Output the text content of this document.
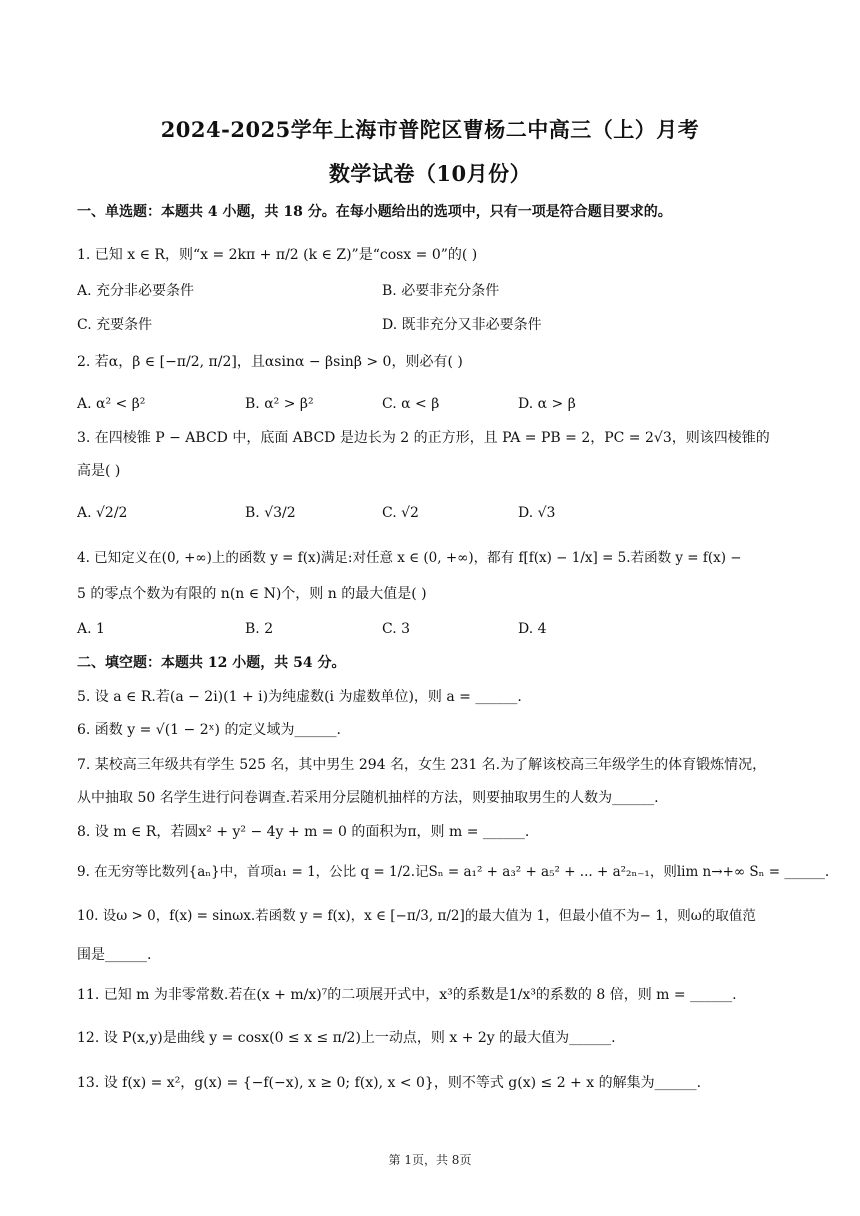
2024-2025学年上海市普陀区曹杨二中高三（上）月考
数学试卷（10月份）
一、单选题：本题共 4 小题，共 18 分。在每小题给出的选项中，只有一项是符合题目要求的。
1. 已知 x ∈ R，则“x = 2kπ + π/2 (k ∈ Z)”是“cosx = 0”的( )
A. 充分非必要条件	B. 必要非充分条件
C. 充要条件	D. 既非充分又非必要条件
2. 若α，β ∈ [−π/2, π/2]，且αsinα − βsinβ > 0，则必有( )
A. α² < β²	B. α² > β²	C. α < β	D. α > β
3. 在四棱锥 P − ABCD 中，底面 ABCD 是边长为 2 的正方形，且 PA = PB = 2，PC = 2√3，则该四棱锥的
高是( )
A. √2/2	B. √3/2	C. √2	D. √3
4. 已知定义在(0, +∞)上的函数 y = f(x)满足:对任意 x ∈ (0, +∞)，都有 f[f(x) − 1/x] = 5.若函数 y = f(x) −
5 的零点个数为有限的 n(n ∈ N)个，则 n 的最大值是( )
A. 1	B. 2	C. 3	D. 4
二、填空题：本题共 12 小题，共 54 分。
5. 设 a ∈ R.若(a − 2i)(1 + i)为纯虚数(i 为虚数单位)，则 a = ______.
6. 函数 y = √(1 − 2ˣ) 的定义域为______.
7. 某校高三年级共有学生 525 名，其中男生 294 名，女生 231 名.为了解该校高三年级学生的体育锻炼情况，
从中抽取 50 名学生进行问卷调查.若采用分层随机抽样的方法，则要抽取男生的人数为______.
8. 设 m ∈ R，若圆x² + y² − 4y + m = 0 的面积为π，则 m = ______.
9. 在无穷等比数列{aₙ}中，首项a₁ = 1，公比 q = 1/2.记Sₙ = a₁² + a₃² + a₅² + ... + a²₂ₙ₋₁，则lim n→+∞ Sₙ = ______.
10. 设ω > 0，f(x) = sinωx.若函数 y = f(x)，x ∈ [−π/3, π/2]的最大值为 1，但最小值不为− 1，则ω的取值范
围是______.
11. 已知 m 为非零常数.若在(x + m/x)⁷的二项展开式中，x³的系数是1/x³的系数的 8 倍，则 m = ______.
12. 设 P(x,y)是曲线 y = cosx(0 ≤ x ≤ π/2)上一动点，则 x + 2y 的最大值为______.
13. 设 f(x) = x²，g(x) = {−f(−x), x ≥ 0; f(x), x < 0}，则不等式 g(x) ≤ 2 + x 的解集为______.
第 1页，共 8页
